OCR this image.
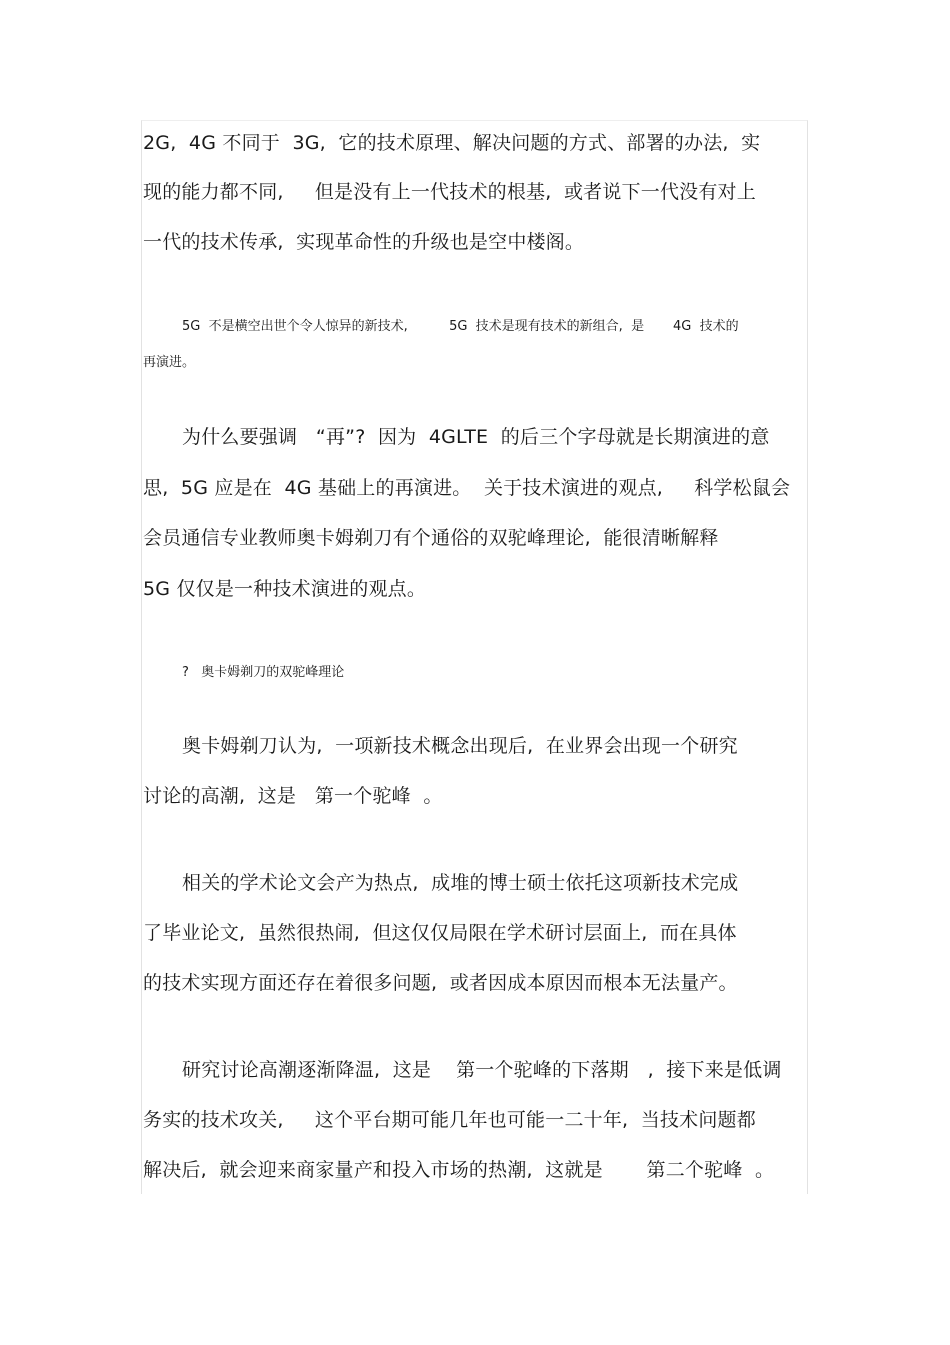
2G,  4G 不同于  3G,  它的技术原理、解决问题的方式、部署的办法,  实
现的能力都不同,     但是没有上一代技术的根基,  或者说下一代没有对上
一代的技术传承,  实现革命性的升级也是空中楼阁。
5G  不是横空出世个令人惊异的新技术,          5G  技术是现有技术的新组合,  是       4G  技术的
再演进。
为什么要强调   “再”?  因为  4GLTE  的后三个字母就是长期演进的意
思,  5G 应是在  4G 基础上的再演进。  关于技术演进的观点,     科学松鼠会
会员通信专业教师奥卡姆剃刀有个通俗的双驼峰理论,  能很清晰解释
5G 仅仅是一种技术演进的观点。
?   奥卡姆剃刀的双驼峰理论
奥卡姆剃刀认为,  一项新技术概念出现后,  在业界会出现一个研究
讨论的高潮,  这是   第一个驼峰  。
相关的学术论文会产为热点,  成堆的博士硕士依托这项新技术完成
了毕业论文,  虽然很热闹,  但这仅仅局限在学术研讨层面上,  而在具体
的技术实现方面还存在着很多问题,  或者因成本原因而根本无法量产。
研究讨论高潮逐渐降温,  这是    第一个驼峰的下落期   ,  接下来是低调
务实的技术攻关,     这个平台期可能几年也可能一二十年,  当技术问题都
解决后,  就会迎来商家量产和投入市场的热潮,  这就是       第二个驼峰  。
